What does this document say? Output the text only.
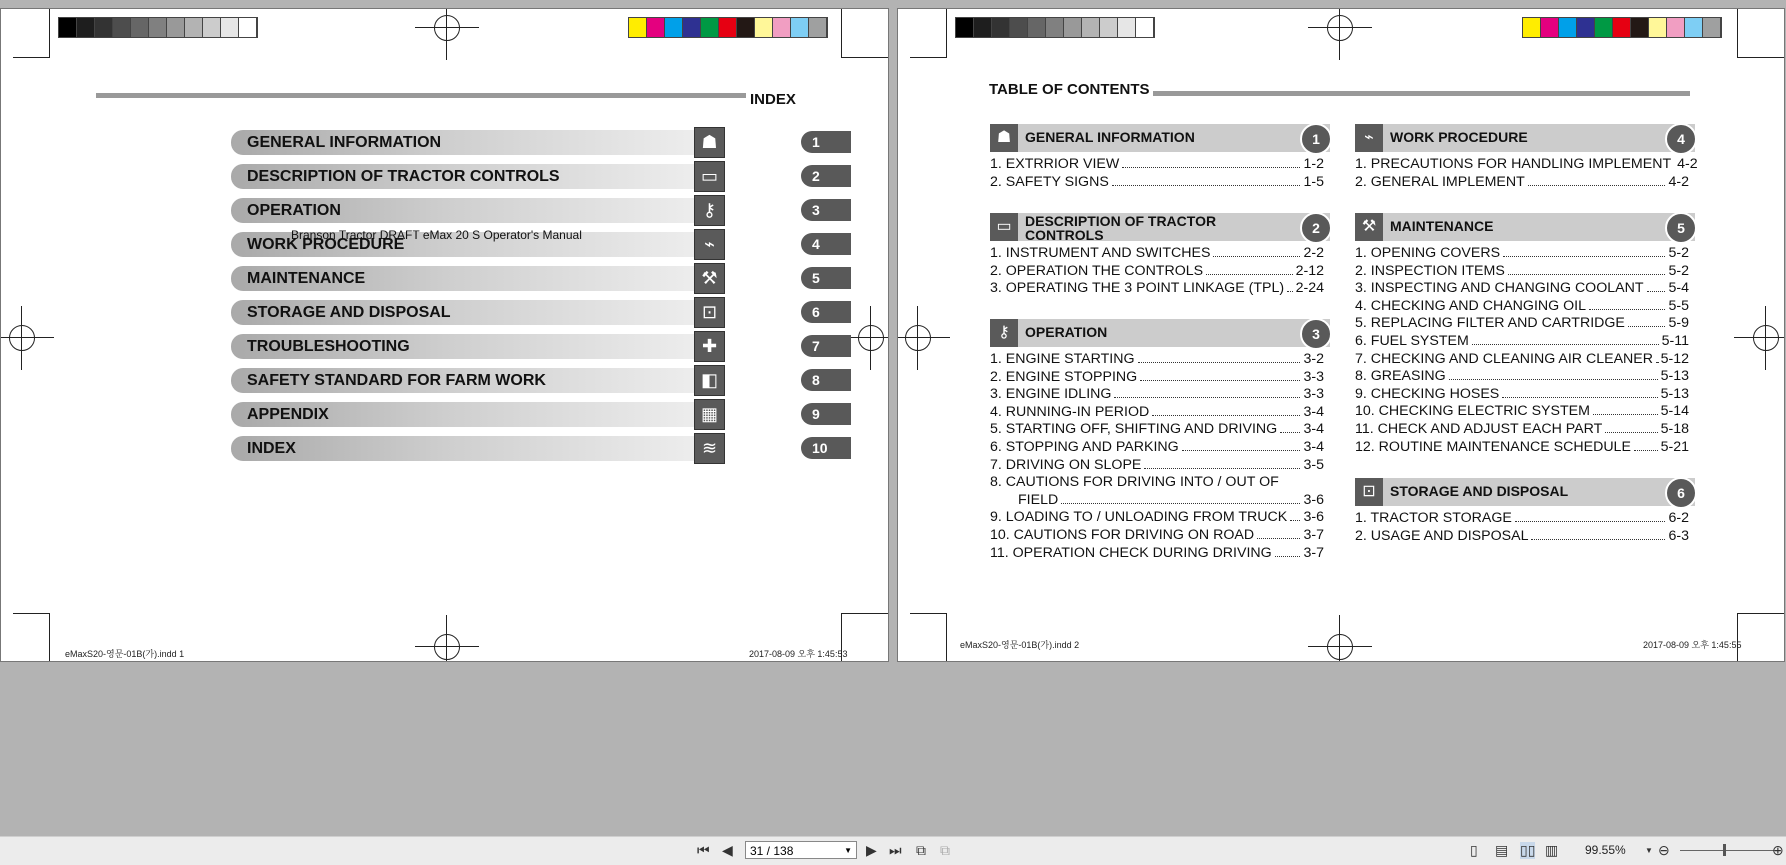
INDEX
GENERAL INFORMATION	☗	1
DESCRIPTION OF TRACTOR CONTROLS	▭	2
OPERATION	⚷	3
WORK PROCEDURE	⌁	4
MAINTENANCE	⚒	5
STORAGE AND DISPOSAL	⊡	6
TROUBLESHOOTING	✚	7
SAFETY STANDARD FOR FARM WORK	◧	8
APPENDIX	▦	9
INDEX	≋	10
Branson Tractor DRAFT eMax 20 S Operator's Manual
eMaxS20-영문-01B(가).indd 1	2017-08-09 오후 1:45:53
TABLE OF CONTENTS
☗ GENERAL INFORMATION	1
1. EXTRRIOR VIEW	1-2
2. SAFETY SIGNS	1-5
▭ DESCRIPTION OF TRACTOR
CONTROLS	2
1. INSTRUMENT AND SWITCHES	2-2
2. OPERATION THE CONTROLS	2-12
3. OPERATING THE 3 POINT LINKAGE (TPL) 2-24
⚷	OPERATION	3
1. ENGINE STARTING	3-2
2. ENGINE STOPPING	3-3
3. ENGINE IDLING	3-3
4. RUNNING-IN PERIOD	3-4
5. STARTING OFF, SHIFTING AND DRIVING 3-4
6. STOPPING AND PARKING	3-4
7. DRIVING ON SLOPE	3-5
8. CAUTIONS FOR DRIVING INTO / OUT OF
FIELD	3-6
9. LOADING TO / UNLOADING FROM TRUCK 3-6
10. CAUTIONS FOR DRIVING ON ROAD	3-7
11. OPERATION CHECK DURING DRIVING 3-7
⌁	WORK PROCEDURE	4
1. PRECAUTIONS FOR HANDLING IMPLEMENT 4-2
2. GENERAL IMPLEMENT	4-2
⚒ MAINTENANCE	5
1. OPENING COVERS	5-2
2. INSPECTION ITEMS	5-2
3. INSPECTING AND CHANGING COOLANT 5-4
4. CHECKING AND CHANGING OIL	5-5
5. REPLACING FILTER AND CARTRIDGE	5-9
6. FUEL SYSTEM	5-11
7. CHECKING AND CLEANING AIR CLEANER 5-12
8. GREASING	5-13
9. CHECKING HOSES	5-13
10. CHECKING ELECTRIC SYSTEM	5-14
11. CHECK AND ADJUST EACH PART	5-18
12. ROUTINE MAINTENANCE SCHEDULE 5-21
⊡	STORAGE AND DISPOSAL	6
1. TRACTOR STORAGE	6-2
2. USAGE AND DISPOSAL	6-3
eMaxS20-영문-01B(가).indd 2	2017-08-09 오후 1:45:55
⏮ ◀	31 / 138	▼ ▶ ⏭ ⧉ ⧉	▯ ▤ ▯▯ ▥ 99.55% ▼ ⊖	⊕
